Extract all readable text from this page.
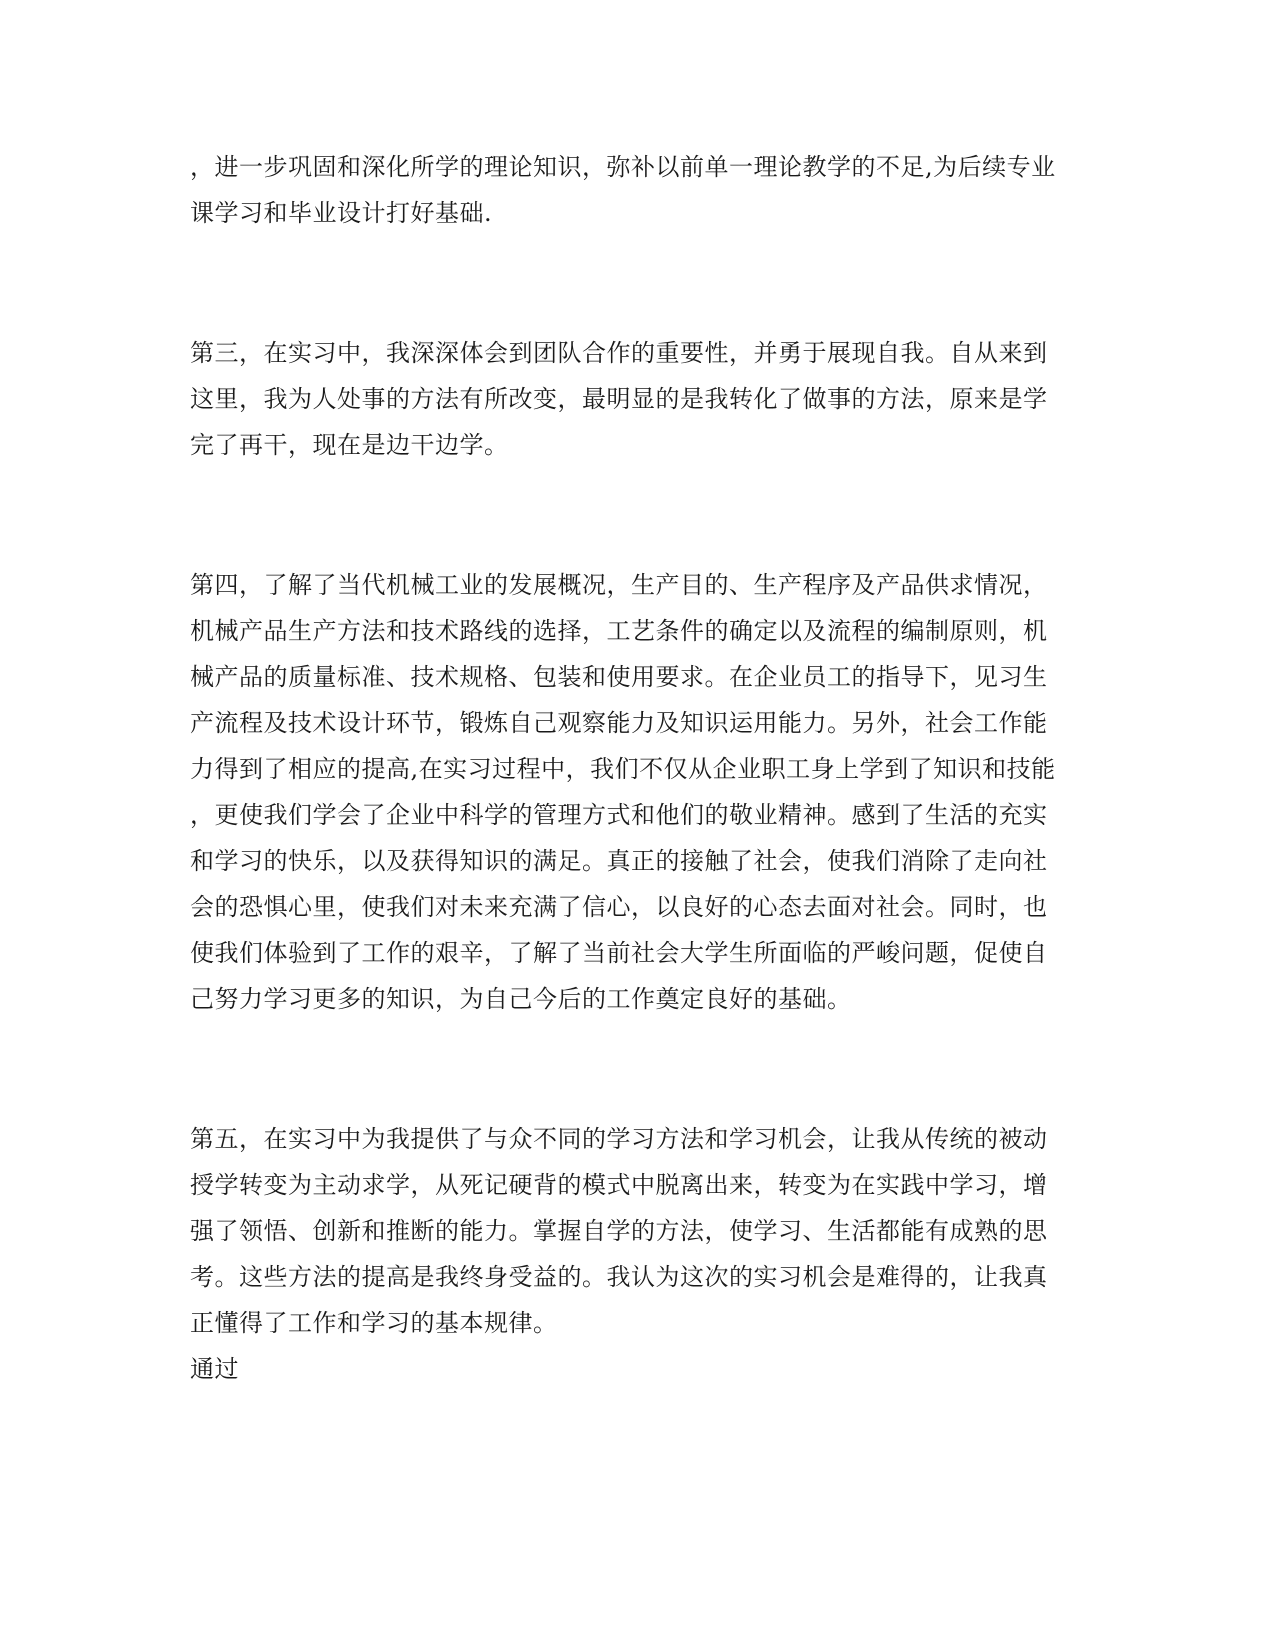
，进一步巩固和深化所学的理论知识，弥补以前单一理论教学的不足,为后续专业
课学习和毕业设计打好基础.
第三，在实习中，我深深体会到团队合作的重要性，并勇于展现自我。自从来到
这里，我为人处事的方法有所改变，最明显的是我转化了做事的方法，原来是学
完了再干，现在是边干边学。
第四，了解了当代机械工业的发展概况，生产目的、生产程序及产品供求情况，
机械产品生产方法和技术路线的选择，工艺条件的确定以及流程的编制原则，机
械产品的质量标准、技术规格、包装和使用要求。在企业员工的指导下，见习生
产流程及技术设计环节，锻炼自己观察能力及知识运用能力。另外，社会工作能
力得到了相应的提高,在实习过程中，我们不仅从企业职工身上学到了知识和技能
，更使我们学会了企业中科学的管理方式和他们的敬业精神。感到了生活的充实
和学习的快乐，以及获得知识的满足。真正的接触了社会，使我们消除了走向社
会的恐惧心里，使我们对未来充满了信心，以良好的心态去面对社会。同时，也
使我们体验到了工作的艰辛，了解了当前社会大学生所面临的严峻问题，促使自
己努力学习更多的知识，为自己今后的工作奠定良好的基础。
第五，在实习中为我提供了与众不同的学习方法和学习机会，让我从传统的被动
授学转变为主动求学，从死记硬背的模式中脱离出来，转变为在实践中学习，增
强了领悟、创新和推断的能力。掌握自学的方法，使学习、生活都能有成熟的思
考。这些方法的提高是我终身受益的。我认为这次的实习机会是难得的，让我真
正懂得了工作和学习的基本规律。
通过
